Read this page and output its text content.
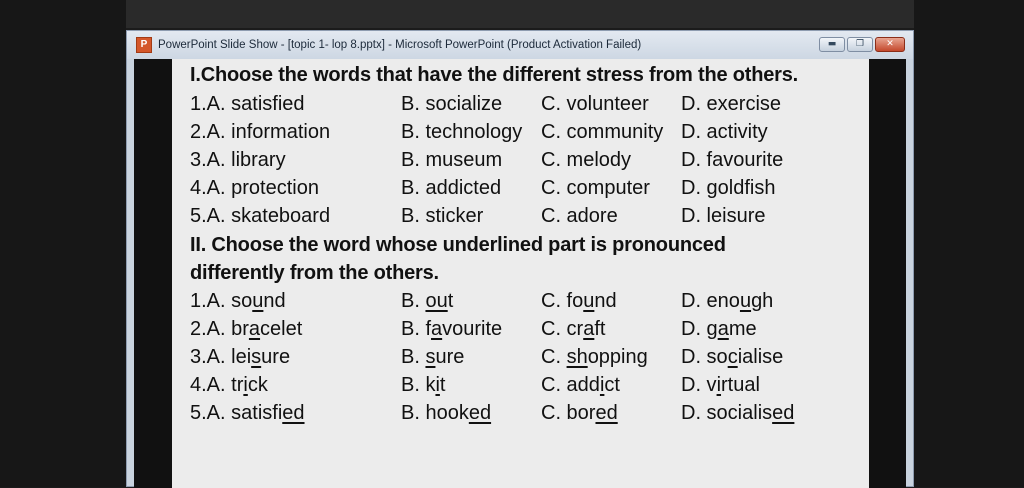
P PowerPoint Slide Show - [topic 1- lop 8.pptx] - Microsoft PowerPoint (Product Activation Failed)	▬	❐	✕
I.Choose the words that have the different stress from the others.
1.A. satisfied	B. socialize C. volunteer D. exercise
2.A. information	B. technology C. community D. activity
3.A. library	B. museum C. melody D. favourite
4.A. protection	B. addicted C. computer D. goldfish
5.A. skateboard	B. sticker	C. adore	D. leisure
II. Choose the word whose underlined part is pronounced
differently from the others.
1.A. sound	B. out	C. found	D. enough
2.A. bracelet	B. favourite C. craft	D. game
3.A. leisure	B. sure	C. shopping D. socialise
4.A. trick	B. kit	C. addict	D. virtual
5.A. satisfied	B. hooked C. bored	D. socialised
